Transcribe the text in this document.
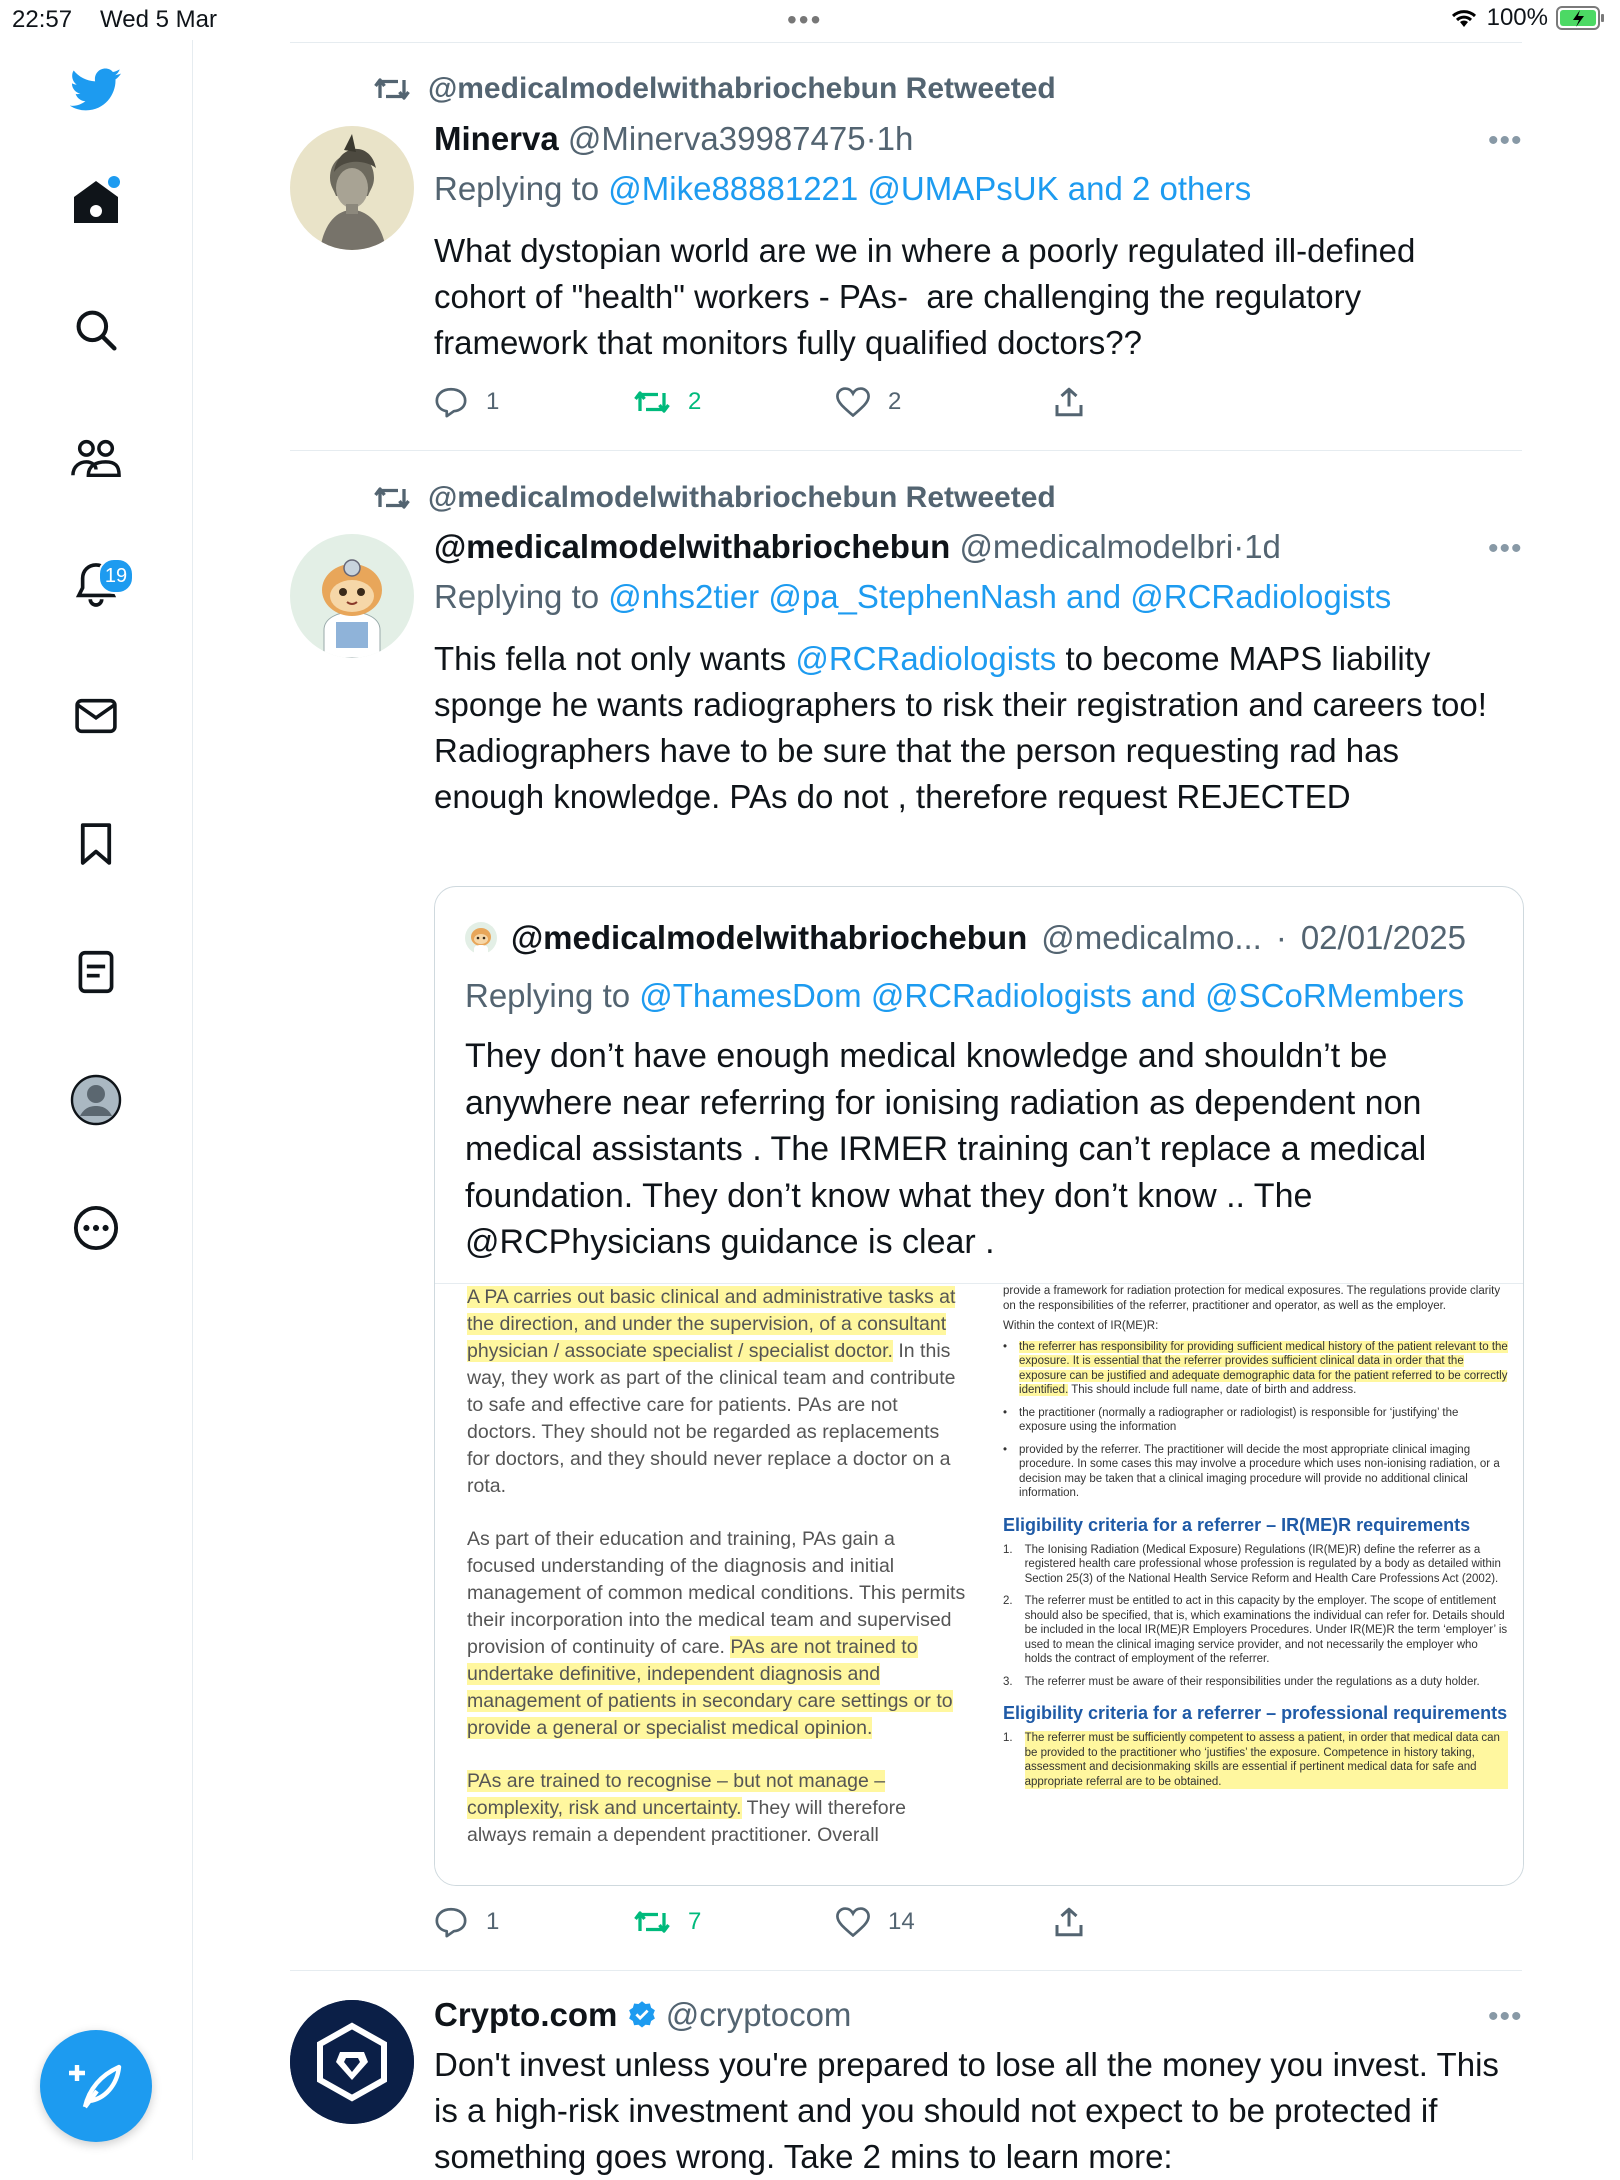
22:57 Wed 5 Mar	•••	100%
19
@medicalmodelwithabriochebun Retweeted
Minerva @Minerva39987475·1h	•••
Replying to @Mike88881221 @UMAPsUK and 2 others
What dystopian world are we in where a poorly regulated ill-defined cohort of "health" workers - PAs-  are challenging the regulatory framework that monitors fully qualified doctors??
1	2	2
@medicalmodelwithabriochebun Retweeted
@medicalmodelwithabriochebun @medicalmodelbri·1d	•••
Replying to @nhs2tier @pa_StephenNash and @RCRadiologists
This fella not only wants @RCRadiologists to become MAPS liability sponge he wants radiographers to risk their registration and careers too!
Radiographers have to be sure that the person requesting rad has enough knowledge. PAs do not , therefore request REJECTED
@medicalmodelwithabriochebun @medicalmo... · 02/01/2025
Replying to @ThamesDom @RCRadiologists and @SCoRMembers
They don’t have enough medical knowledge and shouldn’t be anywhere near referring for ionising radiation as dependent non medical assistants . The IRMER training can’t replace a medical foundation. They don’t know what they don’t know .. The @RCPhysicians guidance is clear .

A PA carries out basic clinical and administrative tasks at the direction, and under the supervision, of a consultant physician / associate specialist / specialist doctor. In this way, they work as part of the clinical team and contribute to safe and effective care for patients. PAs are not doctors. They should not be regarded as replacements for doctors, and they should never replace a doctor on a rota.

As part of their education and training, PAs gain a focused understanding of the diagnosis and initial management of common medical conditions. This permits their incorporation into the medical team and supervised provision of continuity of care. PAs are not trained to undertake definitive, independent diagnosis and management of patients in secondary care settings or to provide a general or specialist medical opinion.

PAs are trained to recognise – but not manage – complexity, risk and uncertainty. They will therefore always remain a dependent practitioner. Overall

provide a framework for radiation protection for medical exposures. The regulations provide clarity on the responsibilities of the referrer, practitioner and operator, as well as the employer.

Within the context of IR(ME)R:

• the referrer has responsibility for providing sufficient medical history of the patient relevant to the exposure. It is essential that the referrer provides sufficient clinical data in order that the exposure can be justified and adequate demographic data for the patient referred to be correctly identified. This should include full name, date of birth and address.
• the practitioner (normally a radiographer or radiologist) is responsible for ‘justifying’ the exposure using the information
• provided by the referrer. The practitioner will decide the most appropriate clinical imaging procedure. In some cases this may involve a procedure which uses non-ionising radiation, or a decision may be taken that a clinical imaging procedure will provide no additional clinical information.
Eligibility criteria for a referrer – IR(ME)R requirements
1. The Ionising Radiation (Medical Exposure) Regulations (IR(ME)R) define the referrer as a registered health care professional whose profession is regulated by a body as detailed within Section 25(3) of the National Health Service Reform and Health Care Professions Act (2002).
2. The referrer must be entitled to act in this capacity by the employer. The scope of entitlement should also be specified, that is, which examinations the individual can refer for. Details should be included in the local IR(ME)R Employers Procedures. Under IR(ME)R the term ‘employer’ is used to mean the clinical imaging service provider, and not necessarily the employer who holds the contract of employment of the referrer.
3. The referrer must be aware of their responsibilities under the regulations as a duty holder.
Eligibility criteria for a referrer – professional requirements
1. The referrer must be sufficiently competent to assess a patient, in order that medical data can be provided to the practitioner who ‘justifies’ the exposure. Competence in history taking, assessment and decisionmaking skills are essential if pertinent medical data for safe and appropriate referral are to be obtained.
1	7	14
Crypto.com @cryptocom	•••
Don't invest unless you're prepared to lose all the money you invest. This is a high-risk investment and you should not expect to be protected if something goes wrong. Take 2 mins to learn more:
